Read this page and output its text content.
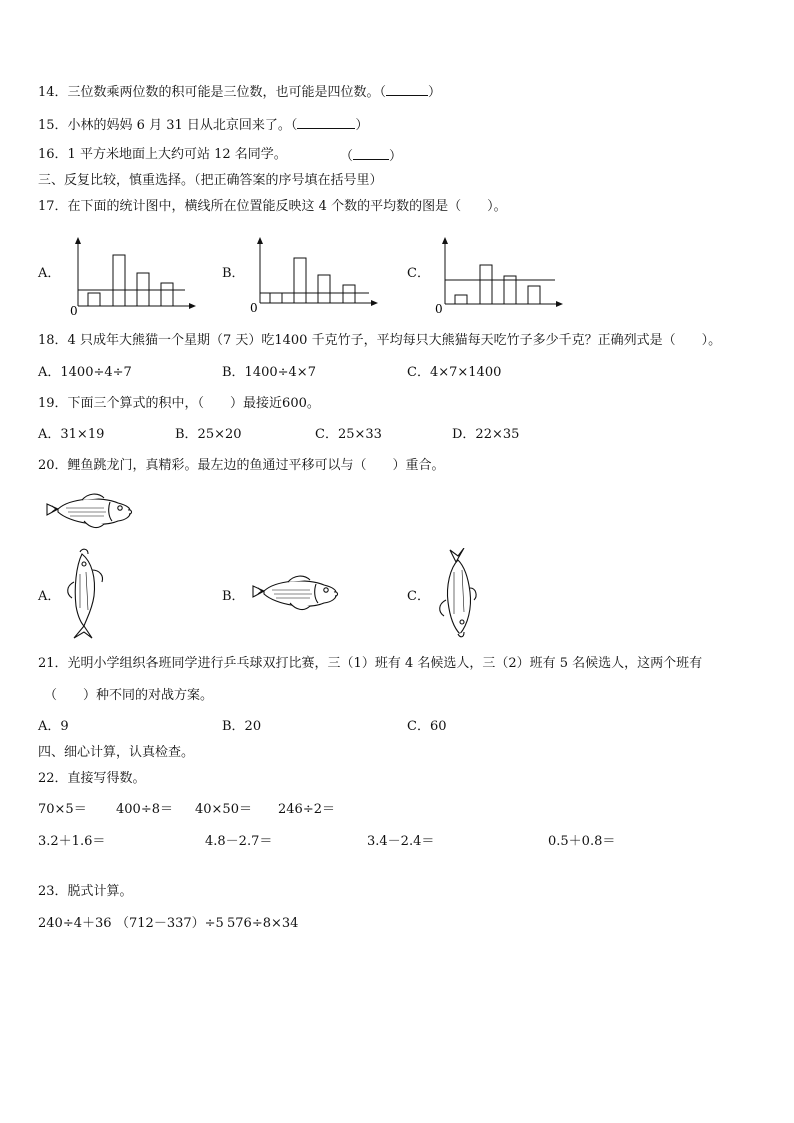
14．三位数乘两位数的积可能是三位数，也可能是四位数。（	）
15．小林的妈妈 6 月 31 日从北京回来了。（	）
16．1 平方米地面上大约可站 12 名同学。	（	）
三、反复比较，慎重选择。（把正确答案的序号填在括号里）
17．在下面的统计图中，横线所在位置能反映这 4 个数的平均数的图是（　　）。
A．
0
B．
0
C．
0
18．4 只成年大熊猫一个星期（7 天）吃1400 千克竹子，平均每只大熊猫每天吃竹子多少千克？正确列式是（　　）。
A．1400÷4÷7	B．1400÷4×7	C．4×7×1400
19．下面三个算式的积中，（　　）最接近600。
A．31×19	B．25×20	C．25×33	D．22×35
20．鲤鱼跳龙门，真精彩。最左边的鱼通过平移可以与（　　）重合。
A．	B．	C．
21．光明小学组织各班同学进行乒乓球双打比赛，三（1）班有 4 名候选人，三（2）班有 5 名候选人，这两个班有
（　　）种不同的对战方案。
A．9	B．20	C．60
四、细心计算，认真检查。
22．直接写得数。
70×5＝ 400÷8＝ 40×50＝ 246÷2＝
3.2＋1.6＝	4.8－2.7＝	3.4－2.4＝	0.5＋0.8＝
23．脱式计算。
240÷4＋36 （712－337）÷5 576÷8×34
